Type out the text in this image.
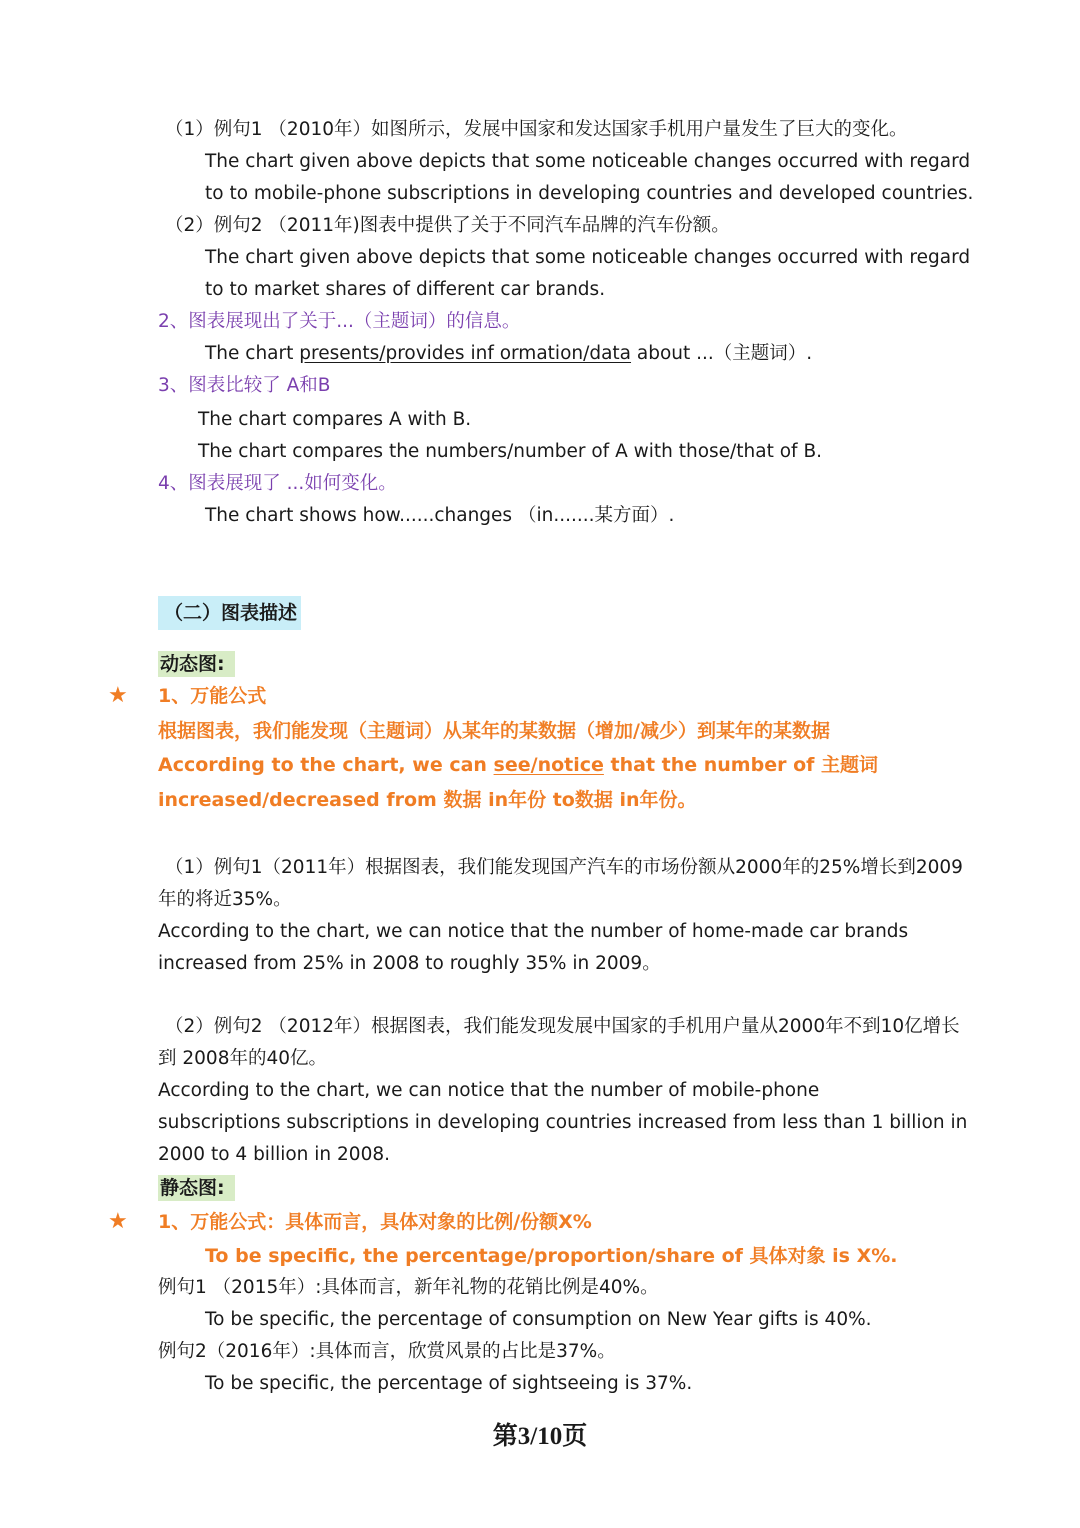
（1）例句1 （2010年）如图所示，发展中国家和发达国家手机用户量发生了巨大的变化。
The chart given above depicts that some noticeable changes occurred with regard
to to mobile-phone subscriptions in developing countries and developed countries.
（2）例句2 （2011年)图表中提供了关于不同汽车品牌的汽车份额。
The chart given above depicts that some noticeable changes occurred with regard
to to market shares of different car brands.
2、图表展现出了关于...（主题词）的信息。
The chart presents/provides inf ormation/data about ...（主题词）.
3、图表比较了 A和B
The chart compares A with B.
The chart compares the numbers/number of A with those/that of B.
4、图表展现了 ...如何变化。
The chart shows how......changes （in.......某方面）.
（二）图表描述
动态图:
★ 1、万能公式
根据图表，我们能发现（主题词）从某年的某数据（增加/减少）到某年的某数据
According to the chart, we can see/notice that the number of 主题词
increased/decreased from 数据 in年份 to数据 in年份。
（1）例句1（2011年）根据图表，我们能发现国产汽车的市场份额从2000年的25%增长到2009
年的将近35%。
According to the chart, we can notice that the number of home-made car brands
increased from 25% in 2008 to roughly 35% in 2009。
（2）例句2 （2012年）根据图表，我们能发现发展中国家的手机用户量从2000年不到10亿增长
到 2008年的40亿。
According to the chart, we can notice that the number of mobile-phone
subscriptions subscriptions in developing countries increased from less than 1 billion in
2000 to 4 billion in 2008.
静态图:
★ 1、万能公式：具体而言，具体对象的比例/份额X%
To be specific, the percentage/proportion/share of 具体对象 is X%.
例句1 （2015年）:具体而言，新年礼物的花销比例是40%。
To be specific, the percentage of consumption on New Year gifts is 40%.
例句2（2016年）:具体而言，欣赏风景的占比是37%。
To be specific, the percentage of sightseeing is 37%.
第3/10页
